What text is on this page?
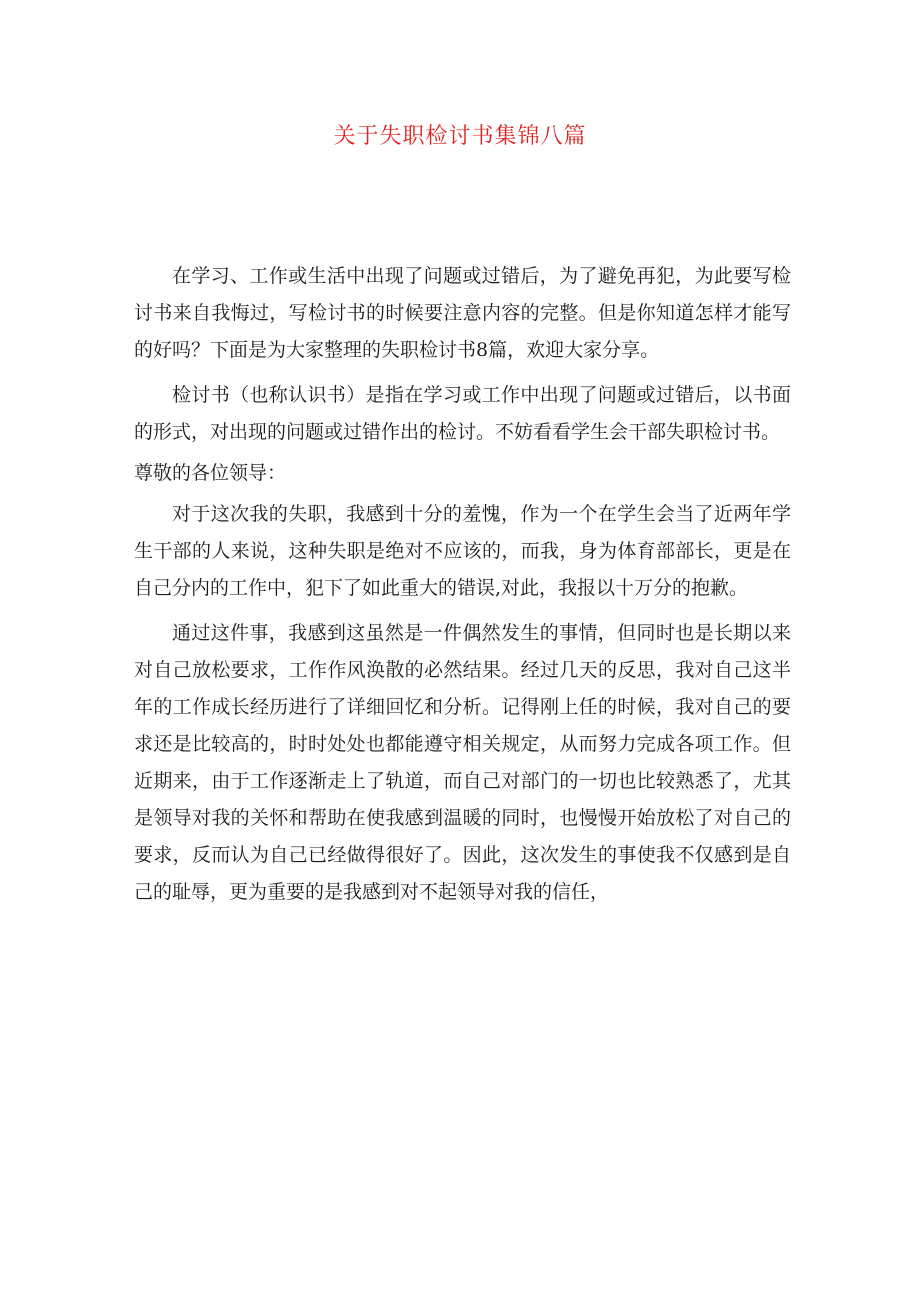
关于失职检讨书集锦八篇

在学习、工作或生活中出现了问题或过错后，为了避免再犯，为此要写检讨书来自我悔过，写检讨书的时候要注意内容的完整。但是你知道怎样才能写的好吗？下面是为大家整理的失职检讨书8篇，欢迎大家分享。

检讨书（也称认识书）是指在学习或工作中出现了问题或过错后，以书面的形式，对出现的问题或过错作出的检讨。不妨看看学生会干部失职检讨书。

尊敬的各位领导：

对于这次我的失职，我感到十分的羞愧，作为一个在学生会当了近两年学生干部的人来说，这种失职是绝对不应该的，而我，身为体育部部长，更是在自己分内的工作中，犯下了如此重大的错误,对此，我报以十万分的抱歉。

通过这件事，我感到这虽然是一件偶然发生的事情，但同时也是长期以来对自己放松要求，工作作风涣散的必然结果。经过几天的反思，我对自己这半年的工作成长经历进行了详细回忆和分析。记得刚上任的时候，我对自己的要求还是比较高的，时时处处也都能遵守相关规定，从而努力完成各项工作。但近期来，由于工作逐渐走上了轨道，而自己对部门的一切也比较熟悉了，尤其是领导对我的关怀和帮助在使我感到温暖的同时，也慢慢开始放松了对自己的要求，反而认为自己已经做得很好了。因此，这次发生的事使我不仅感到是自己的耻辱，更为重要的是我感到对不起领导对我的信任，
